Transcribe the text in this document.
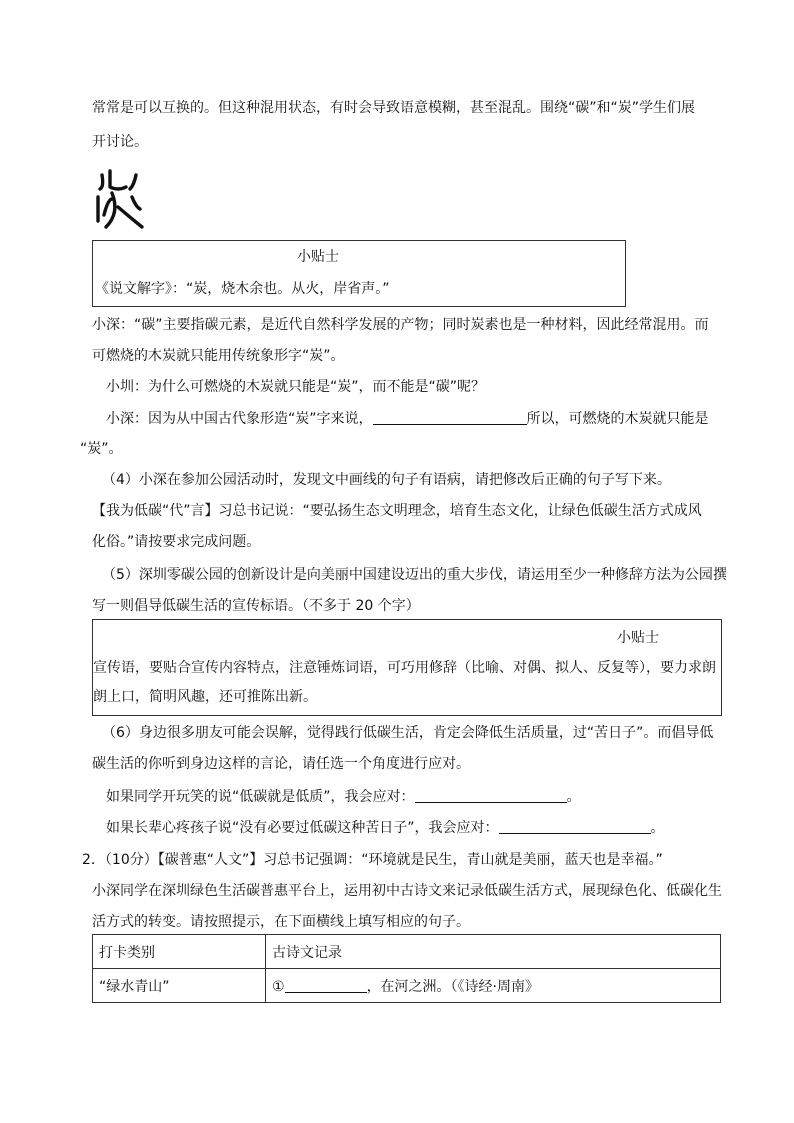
常常是可以互换的。但这种混用状态，有时会导致语意模糊，甚至混乱。围绕“碳”和“炭”学生们展
开讨论。
小贴士
《说文解字》：“炭，烧木余也。从火，岸省声。”
小深：“碳”主要指碳元素，是近代自然科学发展的产物；同时炭素也是一种材料，因此经常混用。而
可燃烧的木炭就只能用传统象形字“炭”。
小圳：为什么可燃烧的木炭就只能是“炭”，而不能是“碳”呢？
小深：因为从中国古代象形造“炭”字来说，	所以，可燃烧的木炭就只能是
“炭”。
（4）小深在参加公园活动时，发现文中画线的句子有语病，请把修改后正确的句子写下来。
【我为低碳“代”言】习总书记说：“要弘扬生态文明理念，培育生态文化，让绿色低碳生活方式成风
化俗。”请按要求完成问题。
（5）深圳零碳公园的创新设计是向美丽中国建设迈出的重大步伐，请运用至少一种修辞方法为公园撰
写一则倡导低碳生活的宣传标语。（不多于 20 个字）
小贴士
宣传语，要贴合宣传内容特点，注意锤炼词语，可巧用修辞（比喻、对偶、拟人、反复等），要力求朗
朗上口，简明风趣，还可推陈出新。
（6）身边很多朋友可能会误解，觉得践行低碳生活，肯定会降低生活质量，过“苦日子”。而倡导低
碳生活的你听到身边这样的言论，请任选一个角度进行应对。
如果同学开玩笑的说“低碳就是低质”，我会应对：	。
如果长辈心疼孩子说“没有必要过低碳这种苦日子”，我会应对：	。
2．（10分）【碳普惠“人文”】习总书记强调：“环境就是民生，青山就是美丽，蓝天也是幸福。”
小深同学在深圳绿色生活碳普惠平台上，运用初中古诗文来记录低碳生活方式，展现绿色化、低碳化生
活方式的转变。请按照提示，在下面横线上填写相应的句子。
打卡类别	古诗文记录
“绿水青山”	① ，在河之洲。（《诗经·周南》
